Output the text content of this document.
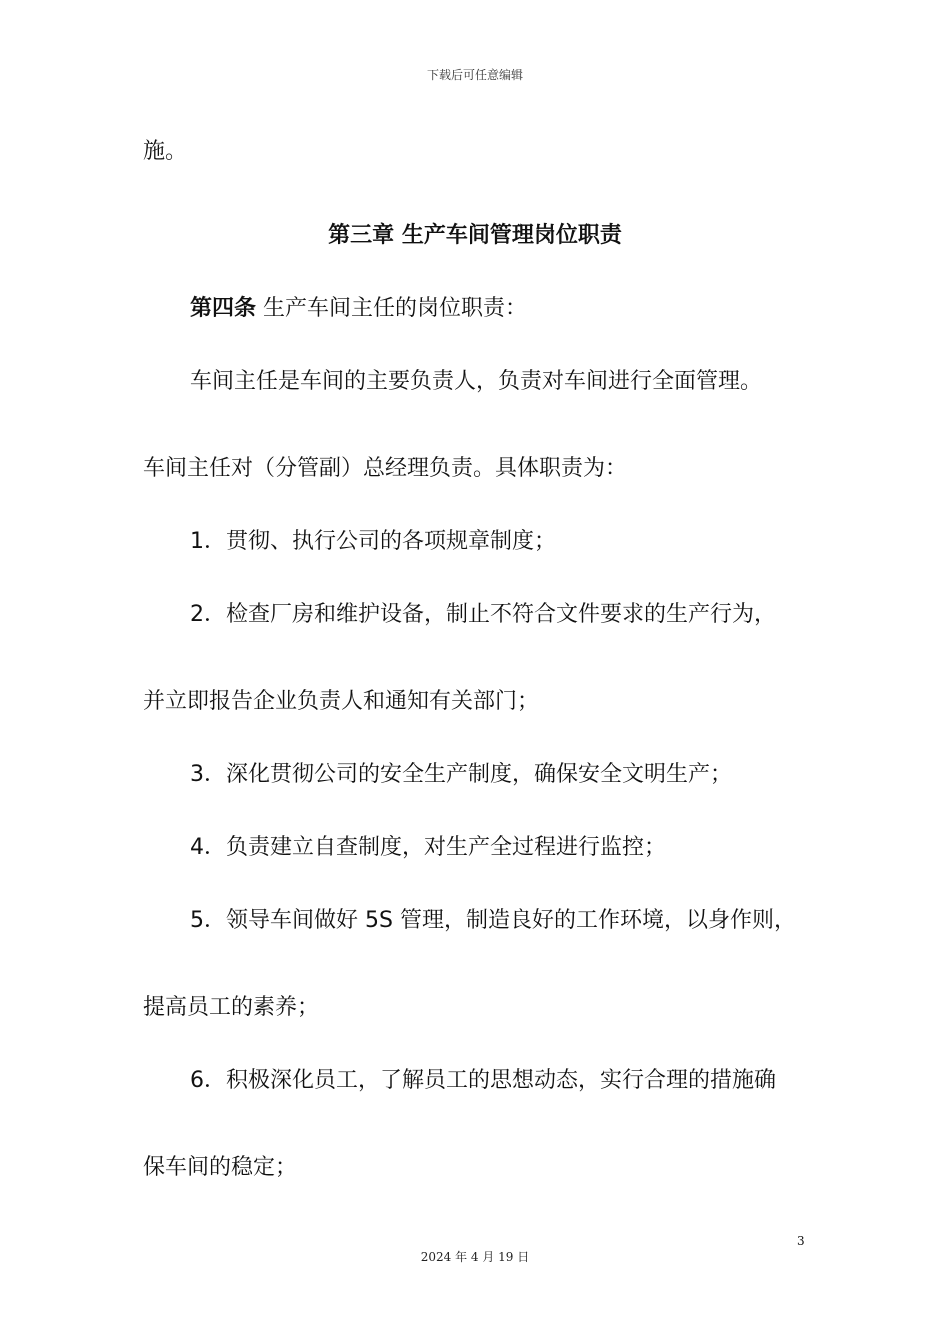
下载后可任意编辑
施。
第三章 生产车间管理岗位职责
第四条 生产车间主任的岗位职责：
车间主任是车间的主要负责人，负责对车间进行全面管理。
车间主任对（分管副）总经理负责。具体职责为：
1．贯彻、执行公司的各项规章制度；
2．检查厂房和维护设备，制止不符合文件要求的生产行为，
并立即报告企业负责人和通知有关部门；
3．深化贯彻公司的安全生产制度，确保安全文明生产；
4．负责建立自查制度，对生产全过程进行监控；
5．领导车间做好 5S 管理，制造良好的工作环境，以身作则，
提高员工的素养；
6．积极深化员工，了解员工的思想动态，实行合理的措施确
保车间的稳定；
3
2024 年 4 月 19 日
